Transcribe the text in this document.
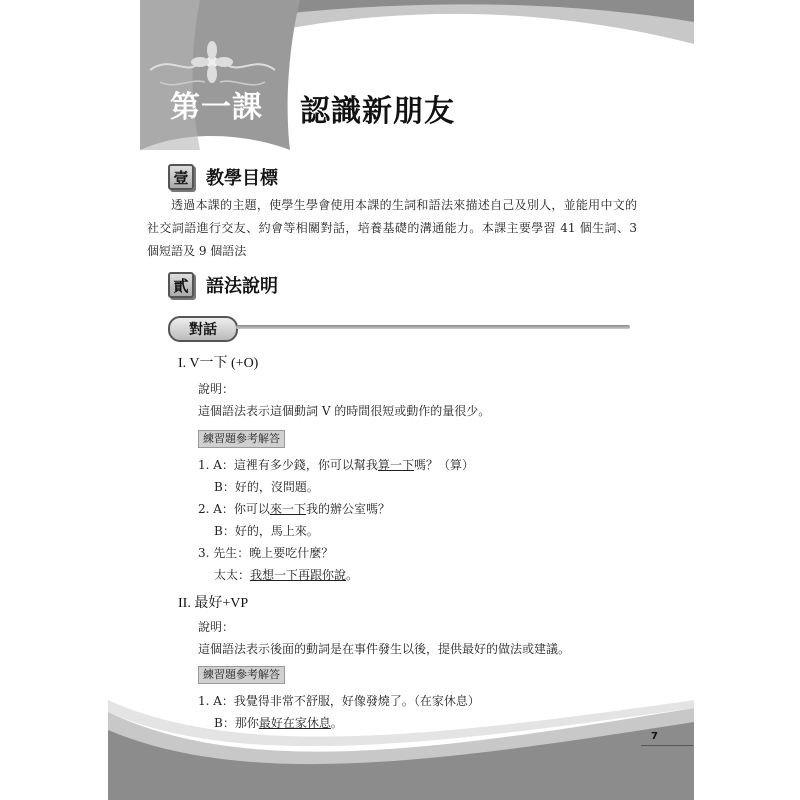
第一課 認識新朋友
壹 教學目標

透過本課的主題，使學生學會使用本課的生詞和語法來描述自己及別人，並能用中文的社交詞語進行交友、約會等相關對話，培養基礎的溝通能力。本課主要學習 41 個生詞、3 個短語及 9 個語法

貳 語法說明
對話
I. V一下 (+O)
說明：
這個語法表示這個動詞 V 的時間很短或動作的量很少。
練習題參考解答
1. A：這裡有多少錢，你可以幫我算一下嗎？（算）
B：好的，沒問題。
2. A：你可以來一下我的辦公室嗎？
B：好的，馬上來。
3. 先生：晚上要吃什麼？
太太：我想一下再跟你說。
II. 最好+VP
說明：
這個語法表示後面的動詞是在事件發生以後，提供最好的做法或建議。
練習題參考解答
1. A：我覺得非常不舒服，好像發燒了。（在家休息）
B：那你最好在家休息。
7
